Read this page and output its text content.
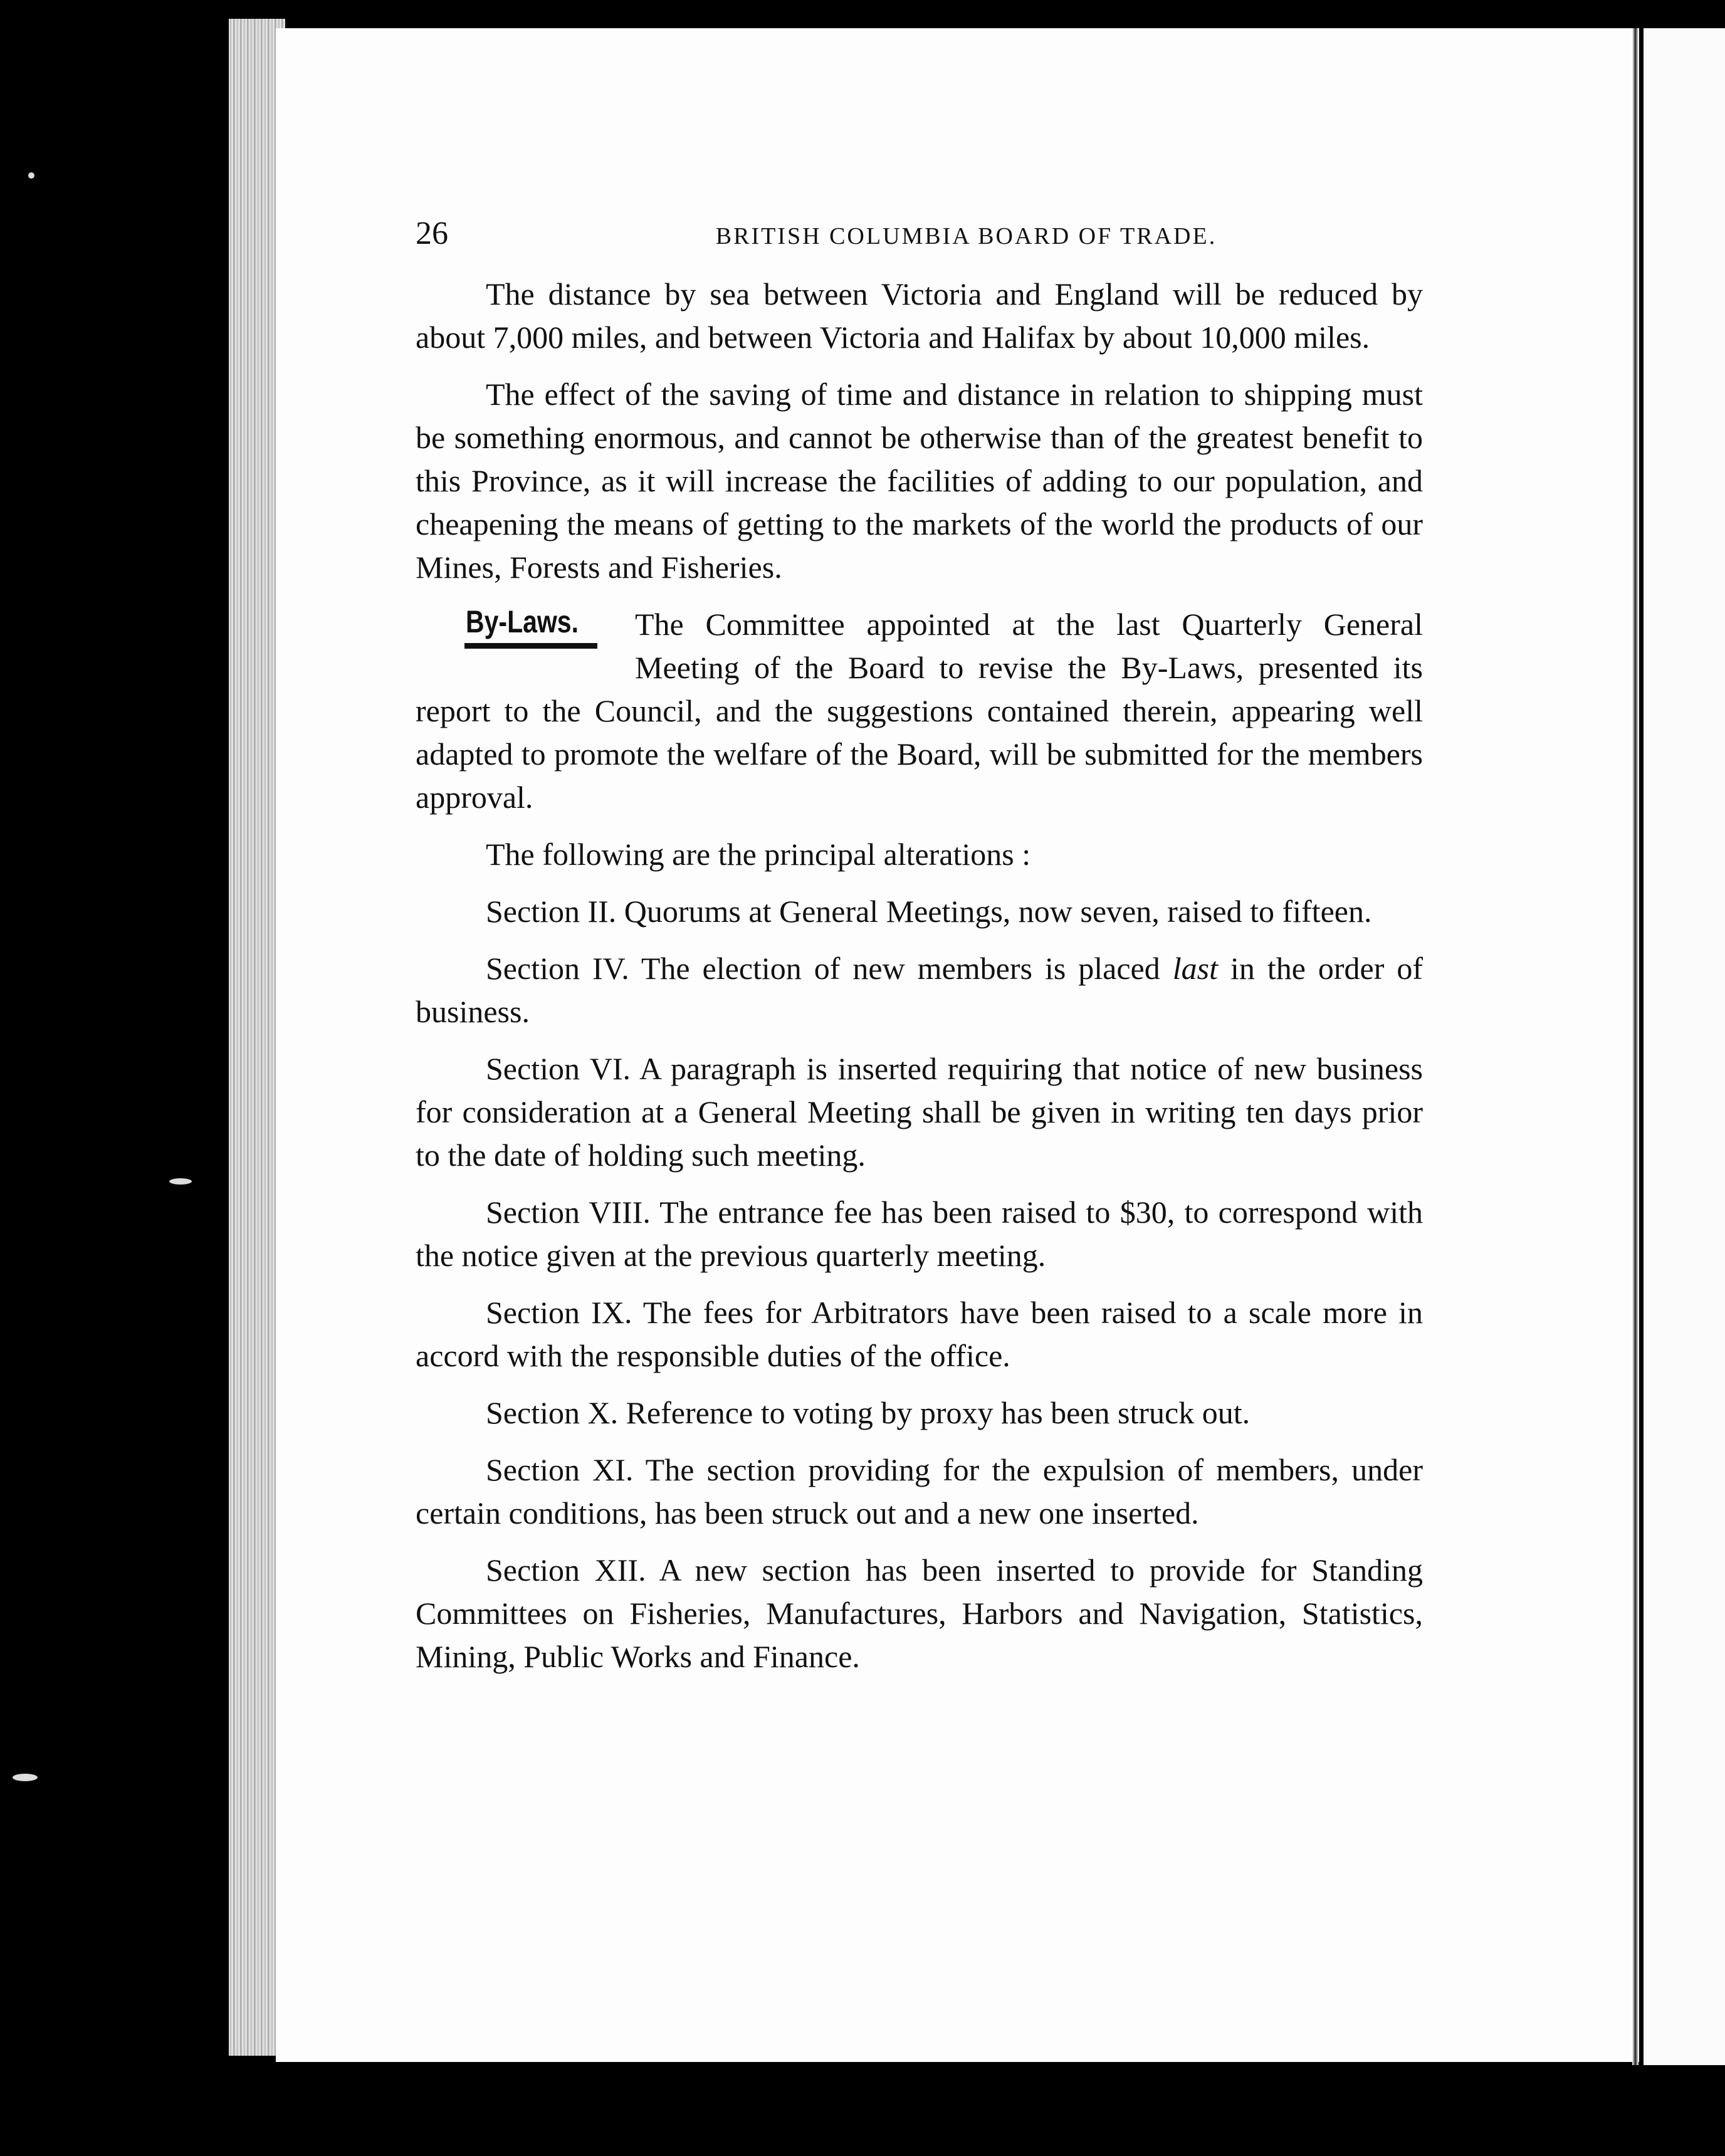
26	BRITISH COLUMBIA BOARD OF TRADE.

The distance by sea between Victoria and England will be reduced by about 7,000 miles, and between Victoria and Halifax by about 10,000 miles.

The effect of the saving of time and distance in relation to shipping must be something enormous, and cannot be otherwise than of the greatest benefit to this Province, as it will increase the facilities of adding to our population, and cheapening the means of getting to the markets of the world the products of our Mines, Forests and Fisheries.

By-Laws.	The Committee appointed at the last Quarterly General Meeting of the Board to revise the By-Laws, presented its report to the Council, and the suggestions contained therein, appearing well adapted to promote the welfare of the Board, will be submitted for the members approval.

The following are the principal alterations :

Section II. Quorums at General Meetings, now seven, raised to fifteen.

Section IV. The election of new members is placed last in the order of business.

Section VI. A paragraph is inserted requiring that notice of new business for consideration at a General Meeting shall be given in writing ten days prior to the date of holding such meeting.

Section VIII. The entrance fee has been raised to $30, to correspond with the notice given at the previous quarterly meeting.

Section IX. The fees for Arbitrators have been raised to a scale more in accord with the responsible duties of the office.

Section X. Reference to voting by proxy has been struck out.

Section XI. The section providing for the expulsion of members, under certain conditions, has been struck out and a new one inserted.

Section XII. A new section has been inserted to provide for Standing Committees on Fisheries, Manufactures, Harbors and Navigation, Statistics, Mining, Public Works and Finance.
